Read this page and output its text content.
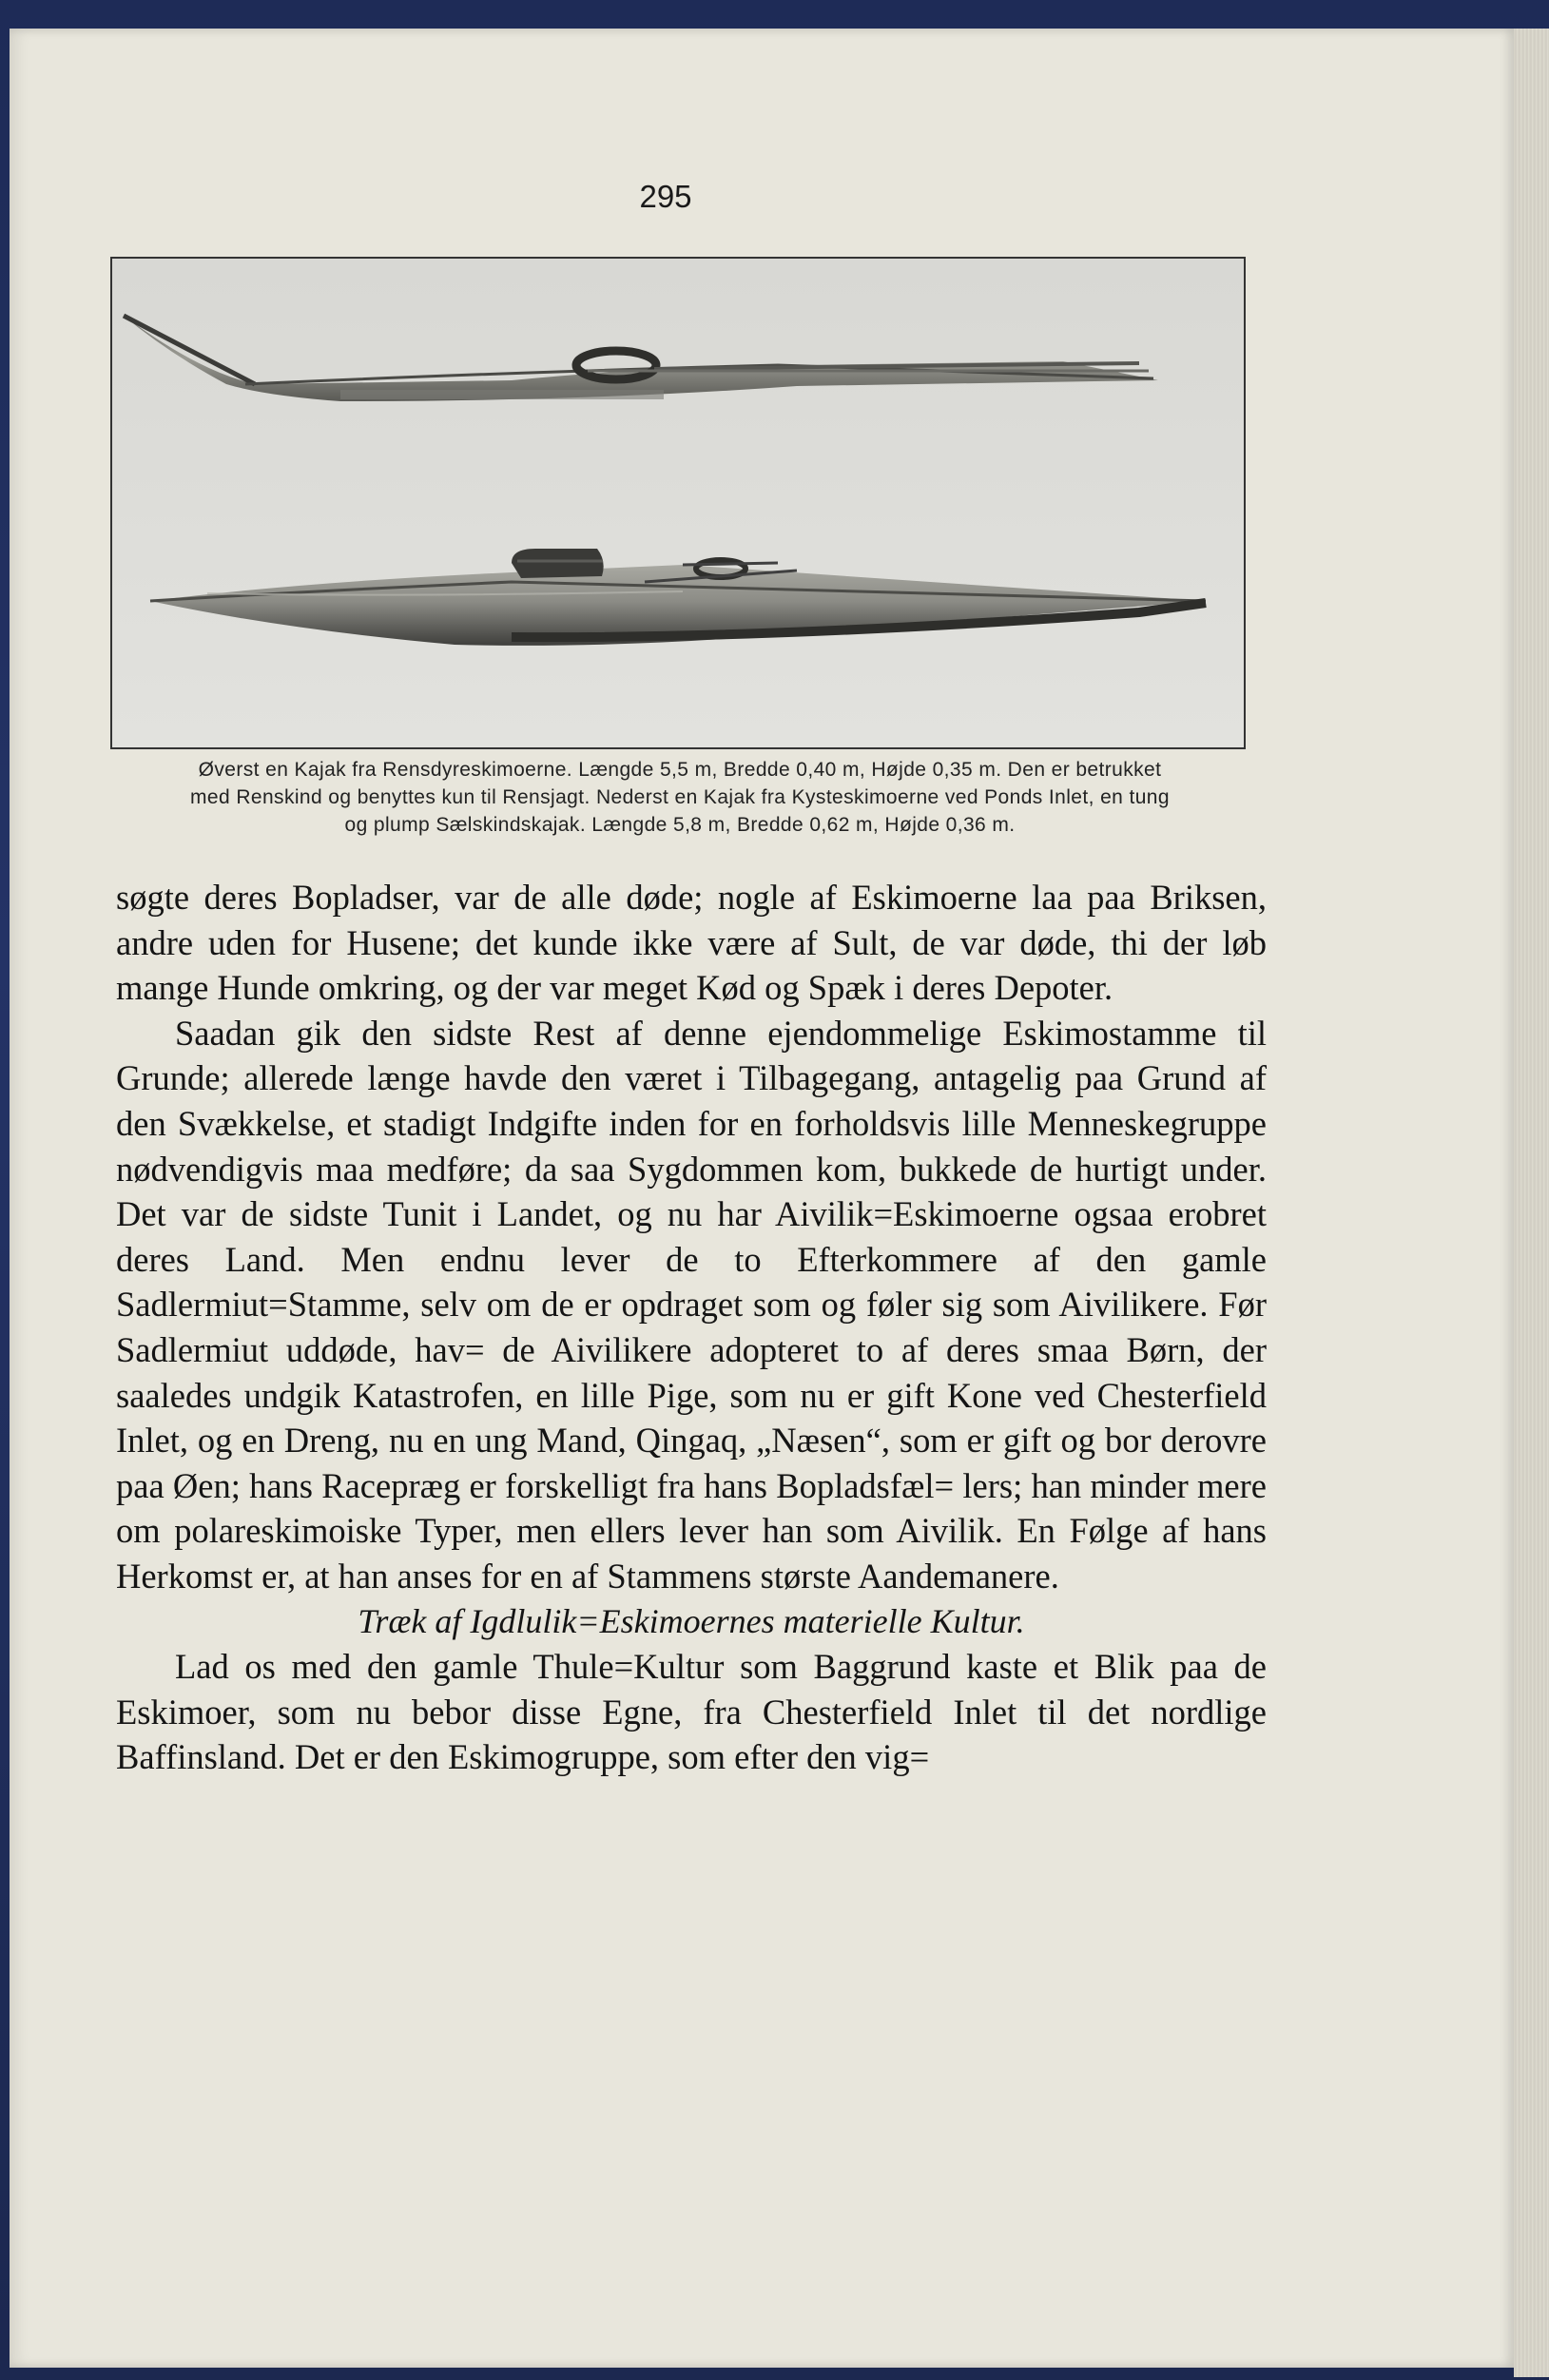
295
Øverst en Kajak fra Rensdyreskimoerne. Længde 5,5 m, Bredde 0,40 m, Højde 0,35 m. Den er betrukket
med Renskind og benyttes kun til Rensjagt. Nederst en Kajak fra Kysteskimoerne ved Ponds Inlet, en tung
og plump Sælskindskajak. Længde 5,8 m, Bredde 0,62 m, Højde 0,36 m.

søgte deres Bopladser, var de alle døde; nogle af Eskimoerne laa paa Briksen, andre uden for Husene; det kunde ikke være af Sult, de var døde, thi der løb mange Hunde omkring, og der var meget Kød og Spæk i deres Depoter.

Saadan gik den sidste Rest af denne ejendommelige Eskimostamme til Grunde; allerede længe havde den været i Tilbagegang, antagelig paa Grund af den Svækkelse, et stadigt Indgifte inden for en forholdsvis lille Menneskegruppe nødvendigvis maa medføre; da saa Sygdommen kom, bukkede de hurtigt under. Det var de sidste Tunit i Landet, og nu har Aivilik=Eskimoerne ogsaa erobret deres Land. Men endnu lever de to Efterkommere af den gamle Sadlermiut=Stamme, selv om de er opdraget som og føler sig som Aivilikere. Før Sadlermiut uddøde, hav= de Aivilikere adopteret to af deres smaa Børn, der saaledes undgik Katastrofen, en lille Pige, som nu er gift Kone ved Chesterfield Inlet, og en Dreng, nu en ung Mand, Qingaq, „Næsen“, som er gift og bor derovre paa Øen; hans Racepræg er forskelligt fra hans Bopladsfæl= lers; han minder mere om polareskimoiske Typer, men ellers lever han som Aivilik. En Følge af hans Herkomst er, at han anses for en af Stammens største Aandemanere.

Træk af Igdlulik=Eskimoernes materielle Kultur.

Lad os med den gamle Thule=Kultur som Baggrund kaste et Blik paa de Eskimoer, som nu bebor disse Egne, fra Chesterfield Inlet til det nordlige Baffinsland. Det er den Eskimogruppe, som efter den vig=
